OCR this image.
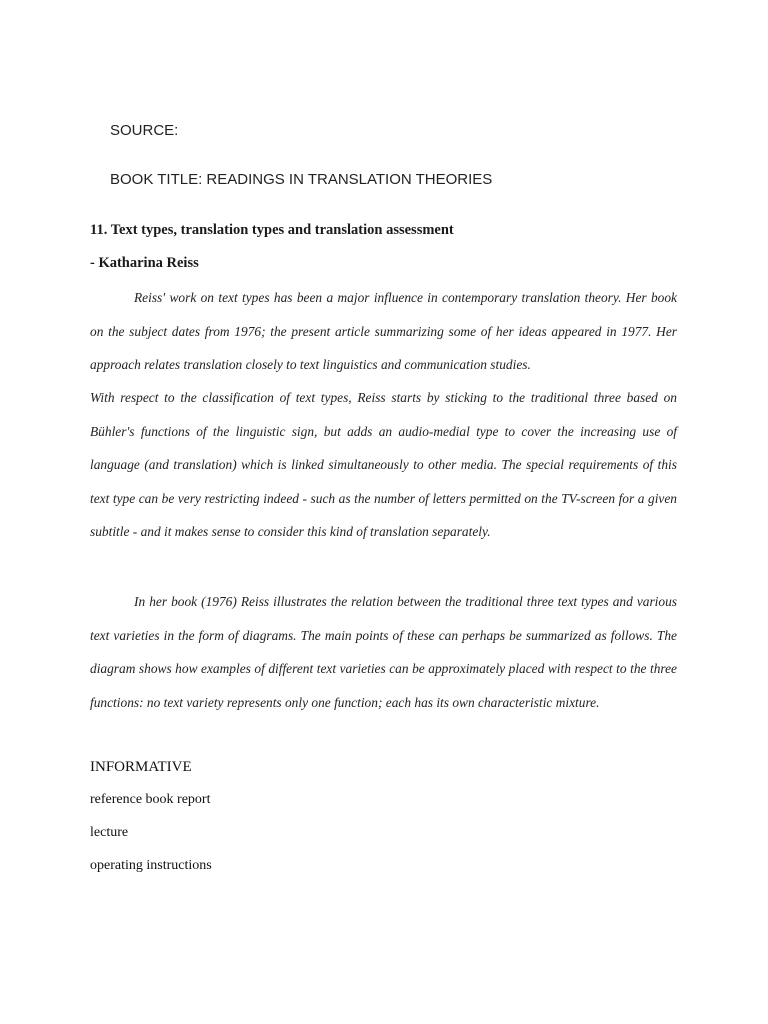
SOURCE:

BOOK TITLE: READINGS IN TRANSLATION THEORIES

11. Text types, translation types and translation assessment

- Katharina Reiss

Reiss' work on text types has been a major influence in contemporary translation theory. Her book on the subject dates from 1976; the present article summarizing some of her ideas appeared in 1977. Her approach relates translation closely to text linguistics and communication studies.

With respect to the classification of text types, Reiss starts by sticking to the traditional three based on Bühler's functions of the linguistic sign, but adds an audio-medial type to cover the increasing use of language (and translation) which is linked simultaneously to other media. The special requirements of this text type can be very restricting indeed - such as the number of letters permitted on the TV-screen for a given subtitle - and it makes sense to consider this kind of translation separately.

In her book (1976) Reiss illustrates the relation between the traditional three text types and various text varieties in the form of diagrams. The main points of these can perhaps be summarized as follows. The diagram shows how examples of different text varieties can be approximately placed with respect to the three functions: no text variety represents only one function; each has its own characteristic mixture.

INFORMATIVE

reference book report

lecture

operating instructions
